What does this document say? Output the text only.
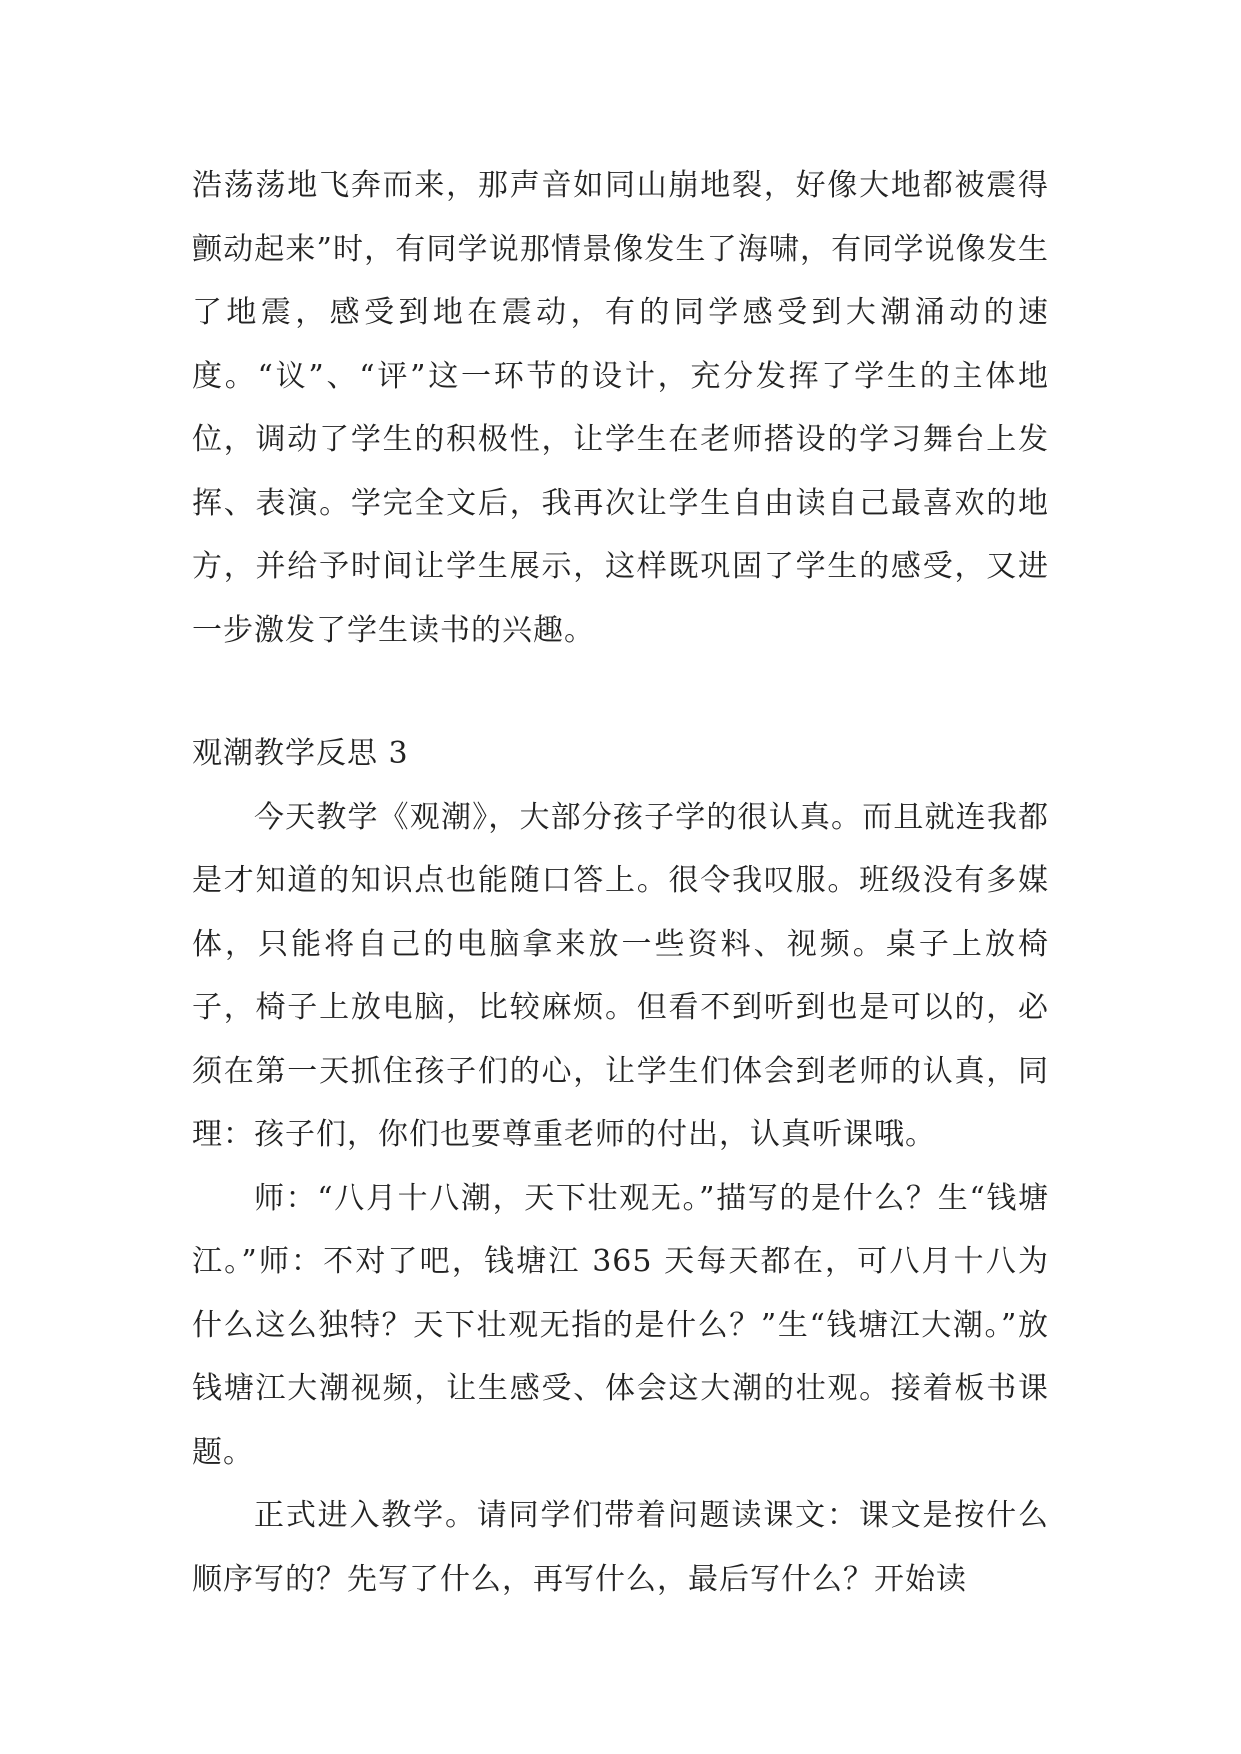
浩荡荡地飞奔而来，那声音如同山崩地裂，好像大地都被震得颤动起来”时，有同学说那情景像发生了海啸，有同学说像发生了地震，感受到地在震动，有的同学感受到大潮涌动的速度。“议”、“评”这一环节的设计，充分发挥了学生的主体地位，调动了学生的积极性，让学生在老师搭设的学习舞台上发挥、表演。学完全文后，我再次让学生自由读自己最喜欢的地方，并给予时间让学生展示，这样既巩固了学生的感受，又进一步激发了学生读书的兴趣。

观潮教学反思 3

今天教学《观潮》，大部分孩子学的很认真。而且就连我都是才知道的知识点也能随口答上。很令我叹服。班级没有多媒体，只能将自己的电脑拿来放一些资料、视频。桌子上放椅子，椅子上放电脑，比较麻烦。但看不到听到也是可以的，必须在第一天抓住孩子们的心，让学生们体会到老师的认真，同理：孩子们，你们也要尊重老师的付出，认真听课哦。

师：“八月十八潮，天下壮观无。”描写的是什么？生“钱塘江。”师：不对了吧，钱塘江 365 天每天都在，可八月十八为什么这么独特？天下壮观无指的是什么？”生“钱塘江大潮。”放钱塘江大潮视频，让生感受、体会这大潮的壮观。接着板书课题。

正式进入教学。请同学们带着问题读课文：课文是按什么顺序写的？先写了什么，再写什么，最后写什么？开始读
